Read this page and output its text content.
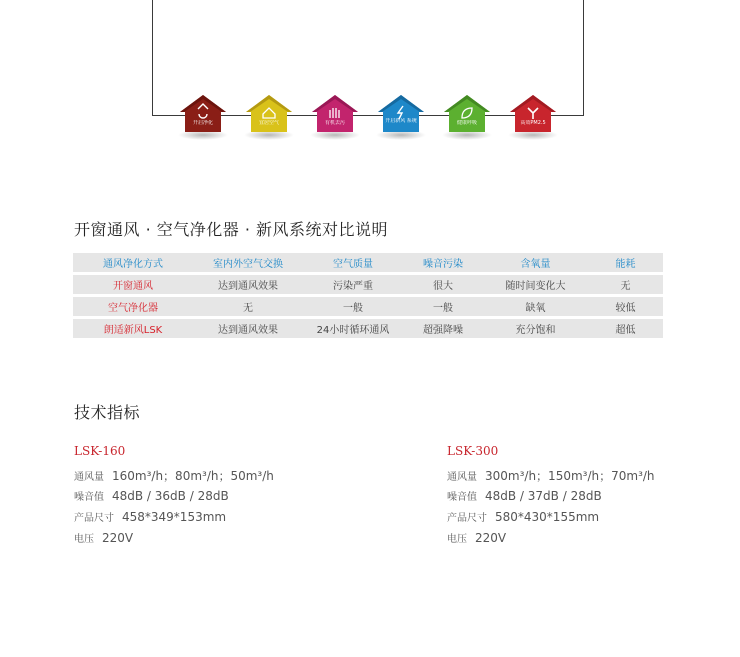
开启净化	宜居空气	有机去污	开启新风 系统	健康呼吸	高效PM2.5
开窗通风 · 空气净化器 · 新风系统对比说明
通风净化方式	室内外空气交换	空气质量	噪音污染	含氧量	能耗
开窗通风	达到通风效果	污染严重	很大	随时间变化大	无
空气净化器	无	一般	一般	缺氧	较低
朗适新风LSK	达到通风效果	24小时循环通风	超强降噪	充分饱和	超低
技术指标
LSK-160
通风量 160m³/h；80m³/h；50m³/h
噪音值 48dB / 36dB / 28dB
产品尺寸 458*349*153mm
电压 220V
LSK-300
通风量 300m³/h；150m³/h；70m³/h
噪音值 48dB / 37dB / 28dB
产品尺寸 580*430*155mm
电压 220V
